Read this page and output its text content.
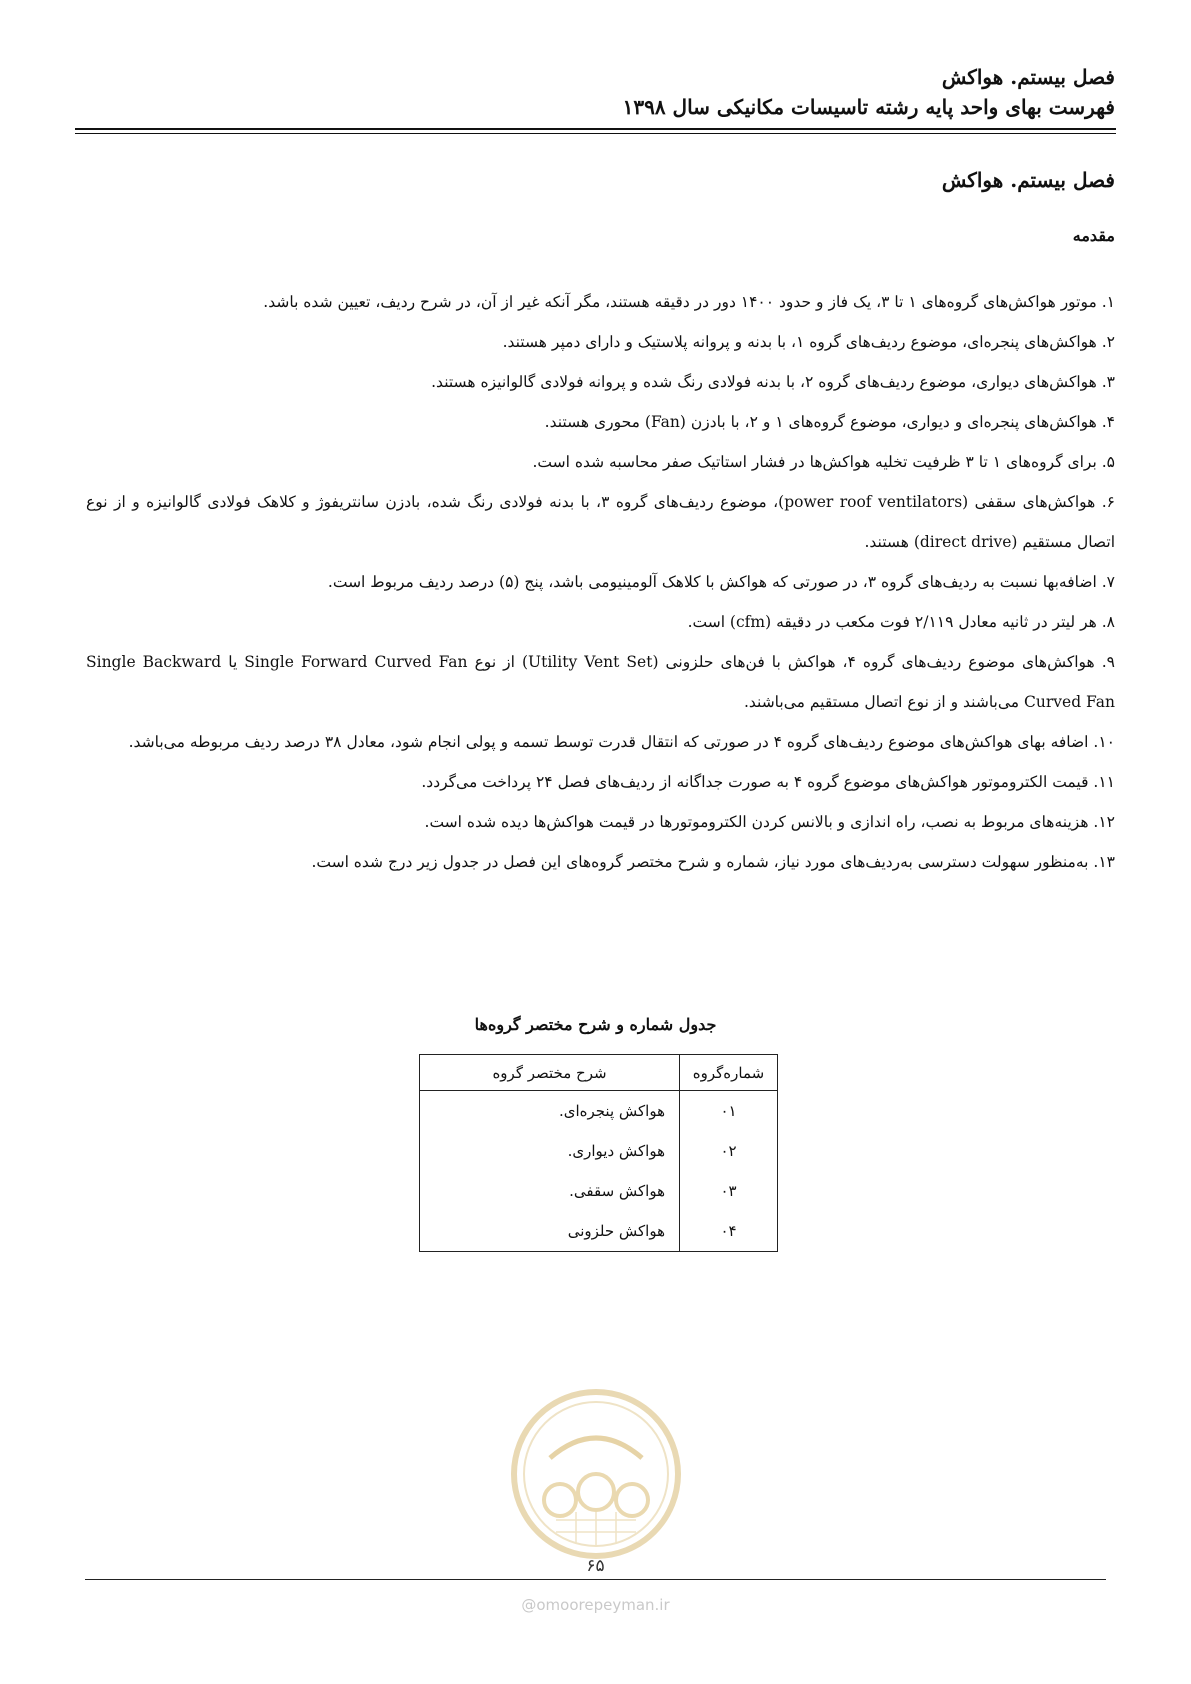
فصل بیستم. هواکش
فهرست بهای واحد پایه رشته تاسیسات مکانیکی سال ۱۳۹۸
فصل بیستم. هواکش
مقدمه

۱. موتور هواکش‌های گروه‌های ۱ تا ۳، یک فاز و حدود ۱۴۰۰ دور در دقیقه هستند، مگر آنکه غیر از آن، در شرح ردیف، تعیین شده باشد.

۲. هواکش‌های پنجره‌ای، موضوع ردیف‌های گروه ۱، با بدنه و پروانه پلاستیک و دارای دمپر هستند.

۳. هواکش‌های دیواری، موضوع ردیف‌های گروه ۲، با بدنه فولادی رنگ شده و پروانه فولادی گالوانیزه هستند.

۴. هواکش‌های پنجره‌ای و دیواری، موضوع گروه‌های ۱ و ۲، با بادزن (Fan) محوری هستند.

۵. برای گروه‌های ۱ تا ۳ ظرفیت تخلیه هواکش‌ها در فشار استاتیک صفر محاسبه شده است.

۶. هواکش‌های سقفی (power roof ventilators)، موضوع ردیف‌های گروه ۳، با بدنه فولادی رنگ شده، بادزن سانتریفوژ و کلاهک فولادی گالوانیزه و از نوع اتصال مستقیم (direct drive) هستند.

۷. اضافه‌بها نسبت به ردیف‌های گروه ۳، در صورتی که هواکش با کلاهک آلومینیومی باشد، پنج (۵) درصد ردیف مربوط است.

۸. هر لیتر در ثانیه معادل ۲/۱۱۹ فوت مکعب در دقیقه (cfm) است.

۹. هواکش‌های موضوع ردیف‌های گروه ۴، هواکش با فن‌های حلزونی (Utility Vent Set) از نوع Single Forward Curved Fan یا Single Backward Curved Fan می‌باشند و از نوع اتصال مستقیم می‌باشند.

۱۰. اضافه بهای هواکش‌های موضوع ردیف‌های گروه ۴ در صورتی که انتقال قدرت توسط تسمه و پولی انجام شود، معادل ۳۸ درصد ردیف مربوطه می‌باشد.

۱۱. قیمت الکتروموتور هواکش‌های موضوع گروه ۴ به صورت جداگانه از ردیف‌های فصل ۲۴ پرداخت می‌گردد.

۱۲. هزینه‌های مربوط به نصب، راه اندازی و بالانس کردن الکتروموتورها در قیمت هواکش‌ها دیده شده است.

۱۳. به‌منظور سهولت دسترسی به‌ردیف‌های مورد نیاز، شماره و شرح مختصر گروه‌های این فصل در جدول زیر درج شده است.

جدول شماره و شرح مختصر گروه‌ها
شماره‌گروه	شرح مختصر گروه
۰۱	هواکش پنجره‌ای.
۰۲	هواکش دیواری.
۰۳	هواکش سقفی.
۰۴	هواکش حلزونی
۶۵
@omoorepeyman.ir
